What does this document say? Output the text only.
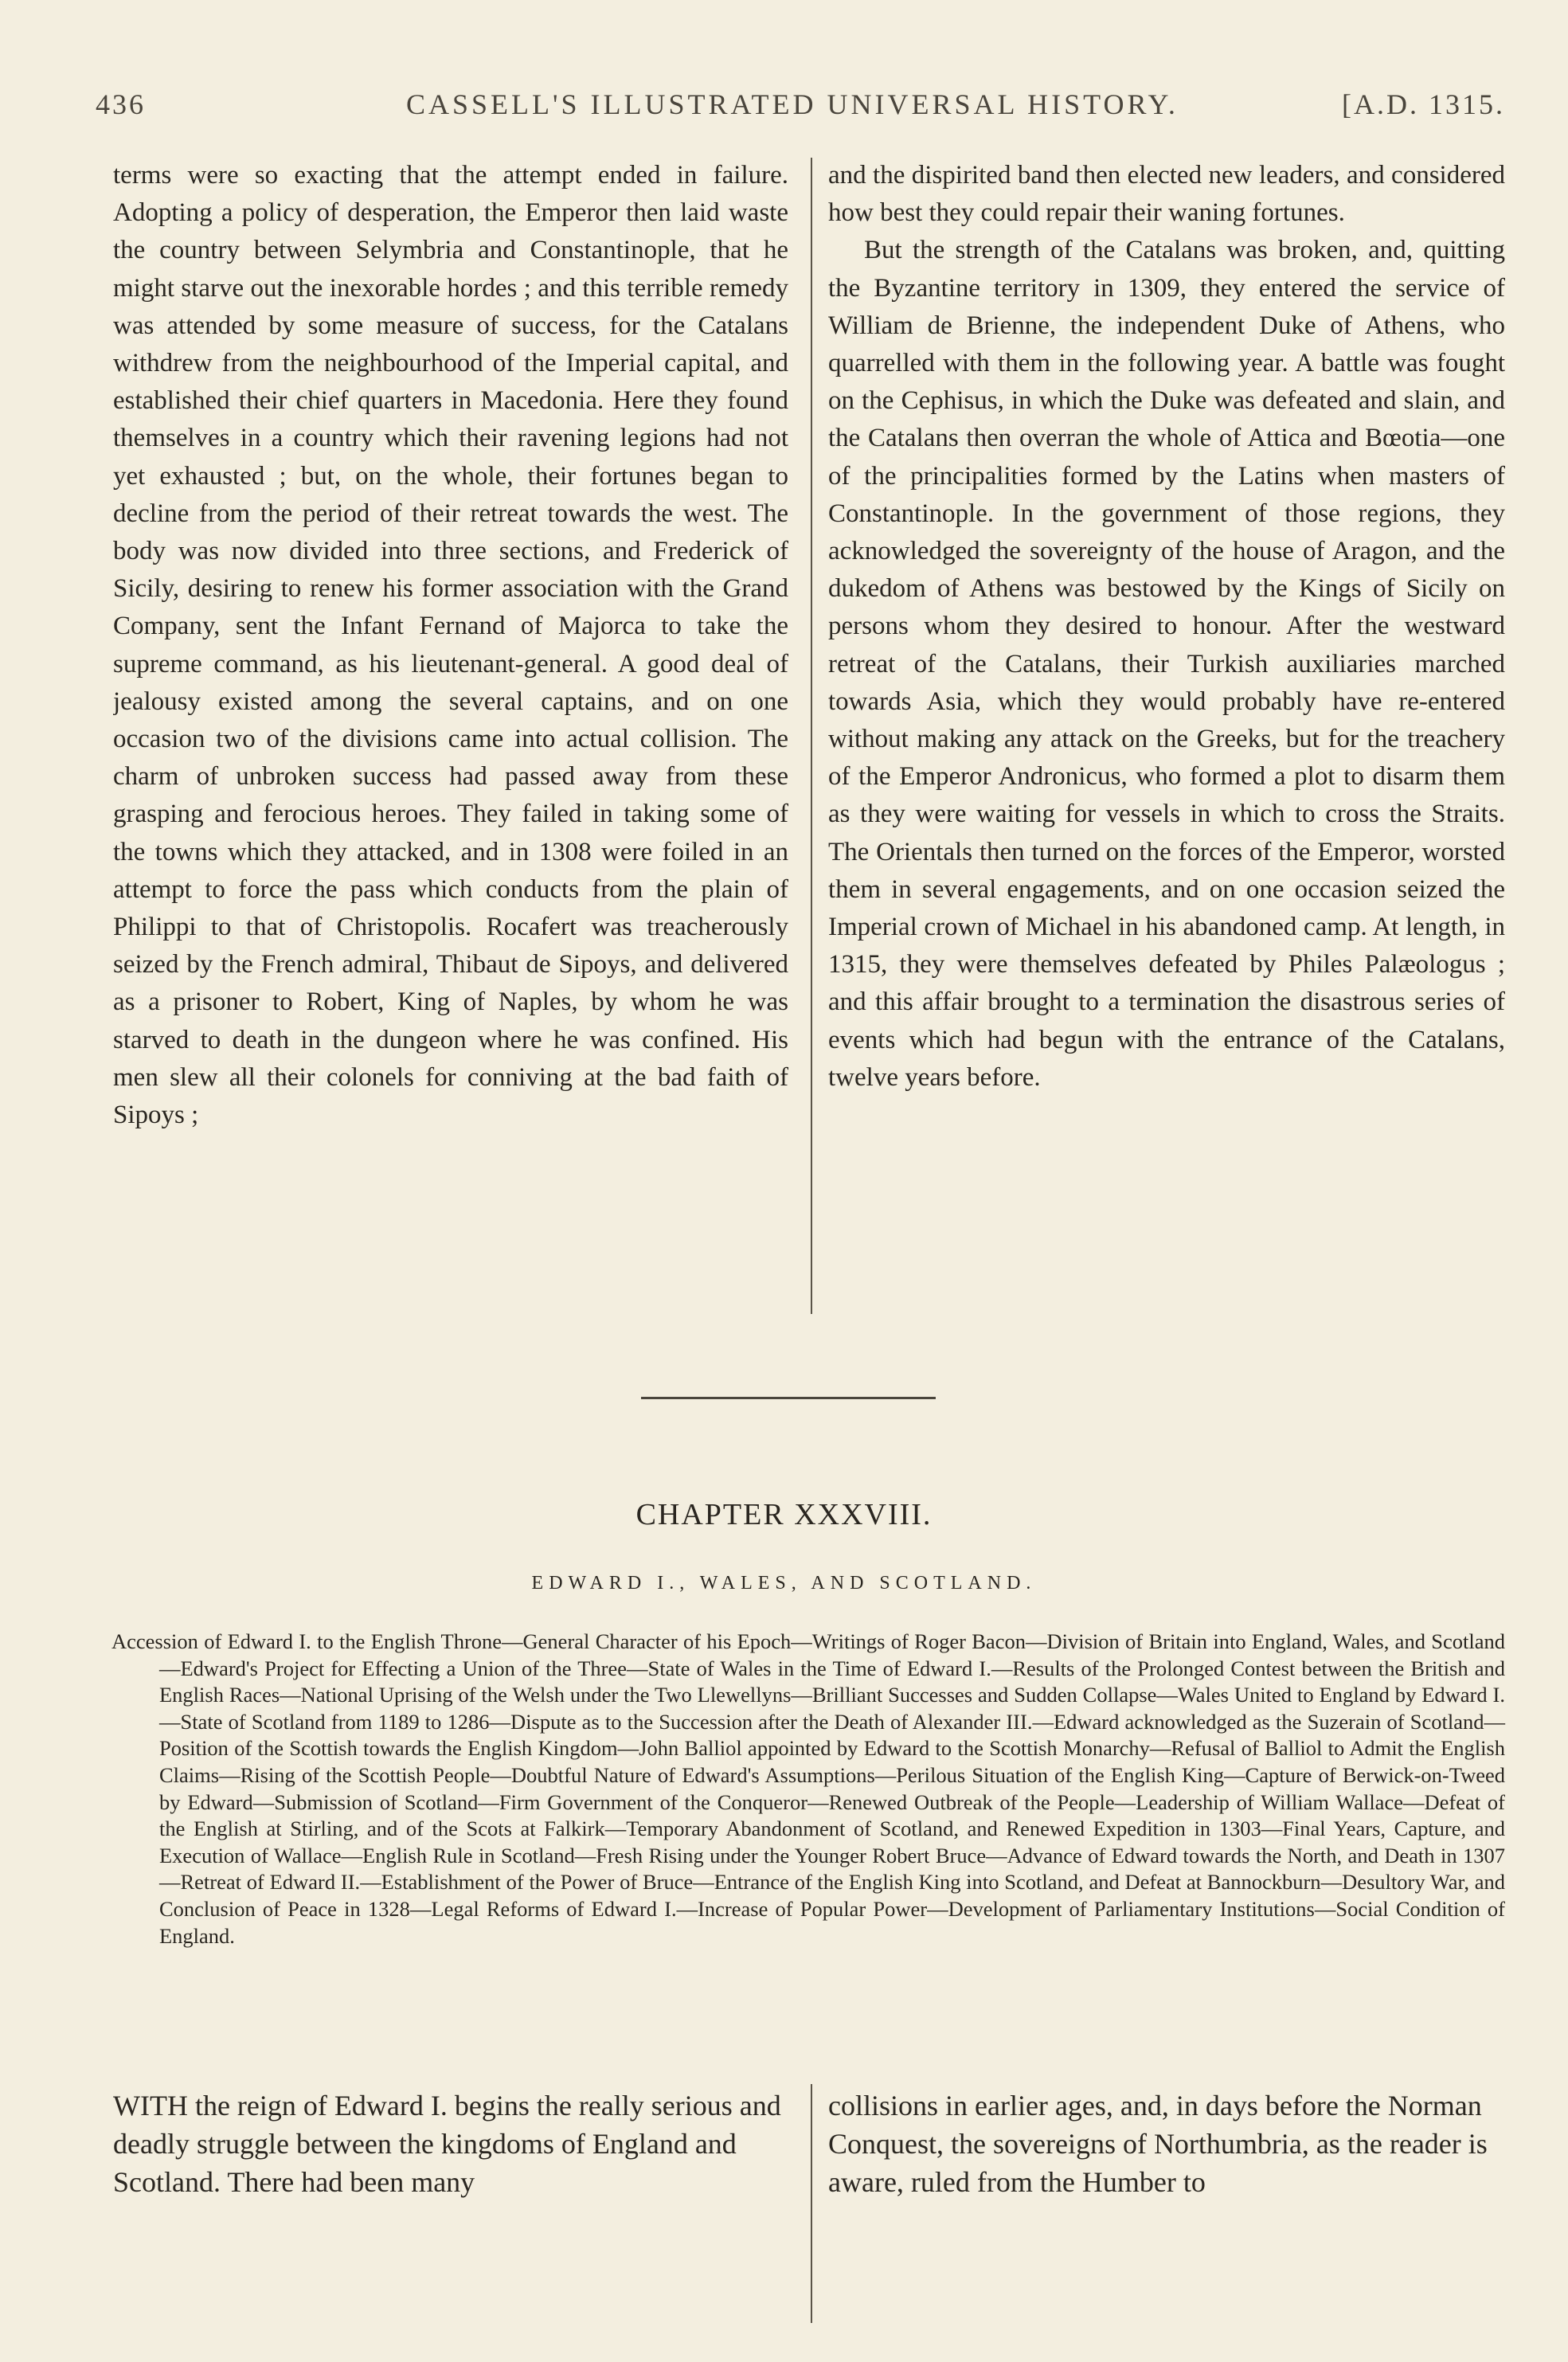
436	CASSELL'S ILLUSTRATED UNIVERSAL HISTORY.	[A.D. 1315.

terms were so exacting that the attempt ended in failure. Adopting a policy of desperation, the Emperor then laid waste the country between Selymbria and Constantinople, that he might starve out the inexorable hordes ; and this terrible remedy was attended by some measure of success, for the Catalans withdrew from the neighbourhood of the Imperial capital, and established their chief quarters in Macedonia. Here they found themselves in a country which their ravening legions had not yet exhausted ; but, on the whole, their fortunes began to decline from the period of their retreat towards the west. The body was now divided into three sections, and Frederick of Sicily, desiring to renew his former association with the Grand Company, sent the Infant Fernand of Majorca to take the supreme command, as his lieutenant-general. A good deal of jealousy existed among the several captains, and on one occasion two of the divisions came into actual collision. The charm of unbroken success had passed away from these grasping and ferocious heroes. They failed in taking some of the towns which they attacked, and in 1308 were foiled in an attempt to force the pass which conducts from the plain of Philippi to that of Christopolis. Rocafert was treacherously seized by the French admiral, Thibaut de Sipoys, and delivered as a prisoner to Robert, King of Naples, by whom he was starved to death in the dungeon where he was confined. His men slew all their colonels for conniving at the bad faith of Sipoys ;

and the dispirited band then elected new leaders, and considered how best they could repair their waning fortunes.

But the strength of the Catalans was broken, and, quitting the Byzantine territory in 1309, they entered the service of William de Brienne, the independent Duke of Athens, who quarrelled with them in the following year. A battle was fought on the Cephisus, in which the Duke was defeated and slain, and the Catalans then overran the whole of Attica and Bœotia—one of the principalities formed by the Latins when masters of Constantinople. In the government of those regions, they acknowledged the sovereignty of the house of Aragon, and the dukedom of Athens was bestowed by the Kings of Sicily on persons whom they desired to honour. After the westward retreat of the Catalans, their Turkish auxiliaries marched towards Asia, which they would probably have re-entered without making any attack on the Greeks, but for the treachery of the Emperor Andronicus, who formed a plot to disarm them as they were waiting for vessels in which to cross the Straits. The Orientals then turned on the forces of the Emperor, worsted them in several engagements, and on one occasion seized the Imperial crown of Michael in his abandoned camp. At length, in 1315, they were themselves defeated by Philes Palæologus ; and this affair brought to a termination the disastrous series of events which had begun with the entrance of the Catalans, twelve years before.

CHAPTER XXXVIII.
EDWARD I., WALES, AND SCOTLAND.
Accession of Edward I. to the English Throne—General Character of his Epoch—Writings of Roger Bacon—Division of Britain into England, Wales, and Scotland—Edward's Project for Effecting a Union of the Three—State of Wales in the Time of Edward I.—Results of the Prolonged Contest between the British and English Races—National Uprising of the Welsh under the Two Llewellyns—Brilliant Successes and Sudden Collapse—Wales United to England by Edward I.—State of Scotland from 1189 to 1286—Dispute as to the Succession after the Death of Alexander III.—Edward acknowledged as the Suzerain of Scotland—Position of the Scottish towards the English Kingdom—John Balliol appointed by Edward to the Scottish Monarchy—Refusal of Balliol to Admit the English Claims—Rising of the Scottish People—Doubtful Nature of Edward's Assumptions—Perilous Situation of the English King—Capture of Berwick-on-Tweed by Edward—Submission of Scotland—Firm Government of the Conqueror—Renewed Outbreak of the People—Leadership of William Wallace—Defeat of the English at Stirling, and of the Scots at Falkirk—Temporary Abandonment of Scotland, and Renewed Expedition in 1303—Final Years, Capture, and Execution of Wallace—English Rule in Scotland—Fresh Rising under the Younger Robert Bruce—Advance of Edward towards the North, and Death in 1307—Retreat of Edward II.—Establishment of the Power of Bruce—Entrance of the English King into Scotland, and Defeat at Bannockburn—Desultory War, and Conclusion of Peace in 1328—Legal Reforms of Edward I.—Increase of Popular Power—Development of Parliamentary Institutions—Social Condition of England.

WITH the reign of Edward I. begins the really serious and deadly struggle between the kingdoms of England and Scotland. There had been many

collisions in earlier ages, and, in days before the Norman Conquest, the sovereigns of Northumbria, as the reader is aware, ruled from the Humber to
